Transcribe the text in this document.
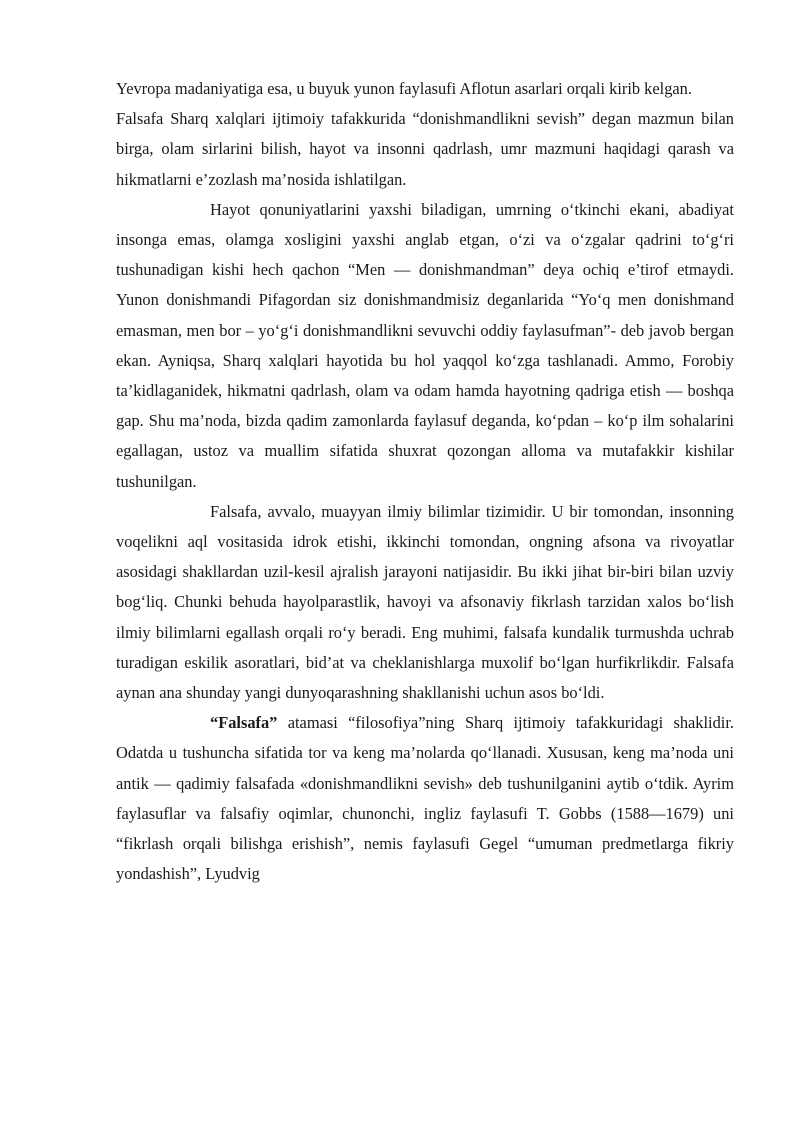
Yevropa madaniyatiga esa, u buyuk yunon faylasufi Aflotun asarlari orqali kirib kelgan.

Falsafa Sharq xalqlari ijtimoiy tafakkurida “donishmandlikni sevish” degan mazmun bilan birga, olam sirlarini bilish, hayot va insonni qadrlash, umr mazmuni haqidagi qarash va hikmatlarni e’zozlash ma’nosida ishlatilgan.

Hayot qonuniyatlarini yaxshi biladigan, umrning o‘tkinchi ekani, abadiyat insonga emas, olamga xosligini yaxshi anglab etgan, o‘zi va o‘zgalar qadrini to‘g‘ri tushunadigan kishi hech qachon “Men –– donishmandman” deya ochiq e’tirof etmaydi. Yunon donishmandi Pifagordan siz donishmandmisiz deganlarida “Yo‘q men donishmand emasman, men bor – yo‘g‘i donishmandlikni sevuvchi oddiy faylasufman”- deb javob bergan ekan. Ayniqsa, Sharq xalqlari hayotida bu hol yaqqol ko‘zga tashlanadi. Ammo, Forobiy ta’kidlaganidek, hikmatni qadrlash, olam va odam hamda hayotning qadriga etish — boshqa gap. Shu ma’noda, bizda qadim zamonlarda faylasuf deganda, ko‘pdan – ko‘p ilm sohalarini egallagan, ustoz va muallim sifatida shuxrat qozongan alloma va mutafakkir kishilar tushunilgan.

Falsafa, avvalo, muayyan ilmiy bilimlar tizimidir. U bir tomondan, insonning voqelikni aql vositasida idrok etishi, ikkinchi tomondan, ongning afsona va rivoyatlar asosidagi shakllardan uzil-kesil ajralish jarayoni natijasidir. Bu ikki jihat bir-biri bilan uzviy bog‘liq. Chunki behuda hayolparastlik, havoyi va afsonaviy fikrlash tarzidan xalos bo‘lish ilmiy bilimlarni egallash orqali ro‘y beradi. Eng muhimi, falsafa kundalik turmushda uchrab turadigan eskilik asoratlari, bid’at va cheklanishlarga muxolif bo‘lgan hurfikrlikdir. Falsafa aynan ana shunday yangi dunyoqarashning shakllanishi uchun asos bo‘ldi.

“Falsafa” atamasi “filosofiya”ning Sharq ijtimoiy tafakkuridagi shaklidir. Odatda u tushuncha sifatida tor va keng ma’nolarda qo‘llanadi. Xususan, keng ma’noda uni antik — qadimiy falsafada «donishmandlikni sevish» deb tushunilganini aytib o‘tdik. Ayrim faylasuflar va falsafiy oqimlar, chunonchi, ingliz faylasufi T. Gobbs (1588—1679) uni “fikrlash orqali bilishga erishish”, nemis faylasufi Gegel “umuman predmetlarga fikriy yondashish”, Lyudvig
